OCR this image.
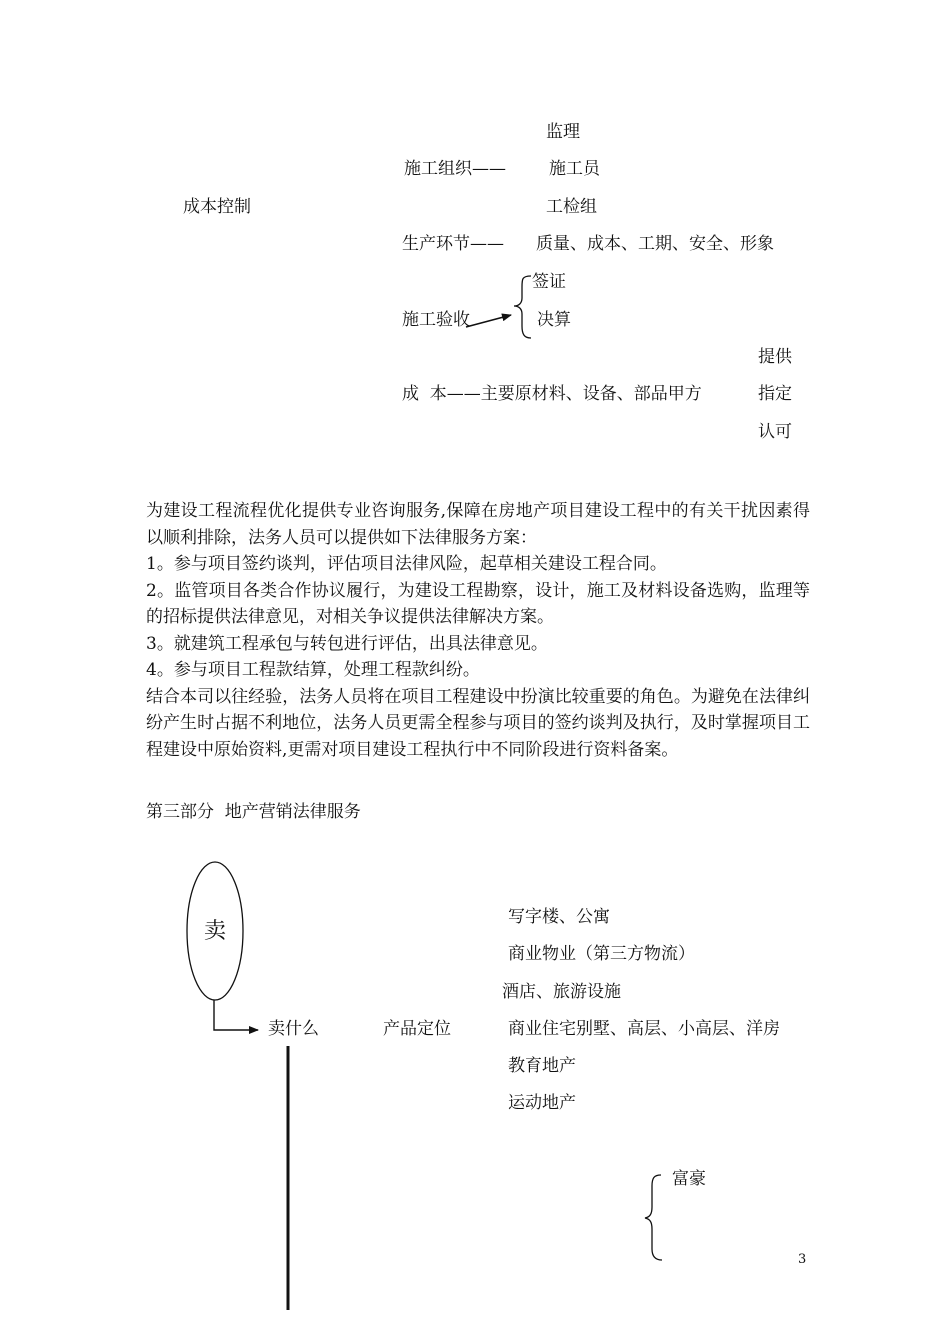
监理
施工组织——	施工员
成本控制	工检组
生产环节—— 质量、成本、工期、安全、形象
签证
施工验收	决算
提供
成  本——主要原材料、设备、部品甲方	指定
认可

为建设工程流程优化提供专业咨询服务,保障在房地产项目建设工程中的有关干扰因素得以顺利排除，法务人员可以提供如下法律服务方案：

1。参与项目签约谈判，评估项目法律风险，起草相关建设工程合同。

2。监管项目各类合作协议履行，为建设工程勘察，设计，施工及材料设备选购，监理等的招标提供法律意见，对相关争议提供法律解决方案。

3。就建筑工程承包与转包进行评估，出具法律意见。

4。参与项目工程款结算，处理工程款纠纷。

结合本司以往经验，法务人员将在项目工程建设中扮演比较重要的角色。为避免在法律纠纷产生时占据不利地位，法务人员更需全程参与项目的签约谈判及执行，及时掌握项目工程建设中原始资料,更需对项目建设工程执行中不同阶段进行资料备案。

第三部分  地产营销法律服务
卖
写字楼、公寓
商业物业（第三方物流）
酒店、旅游设施
卖什么	产品定位	商业住宅别墅、高层、小高层、洋房
教育地产
运动地产
富豪
3
